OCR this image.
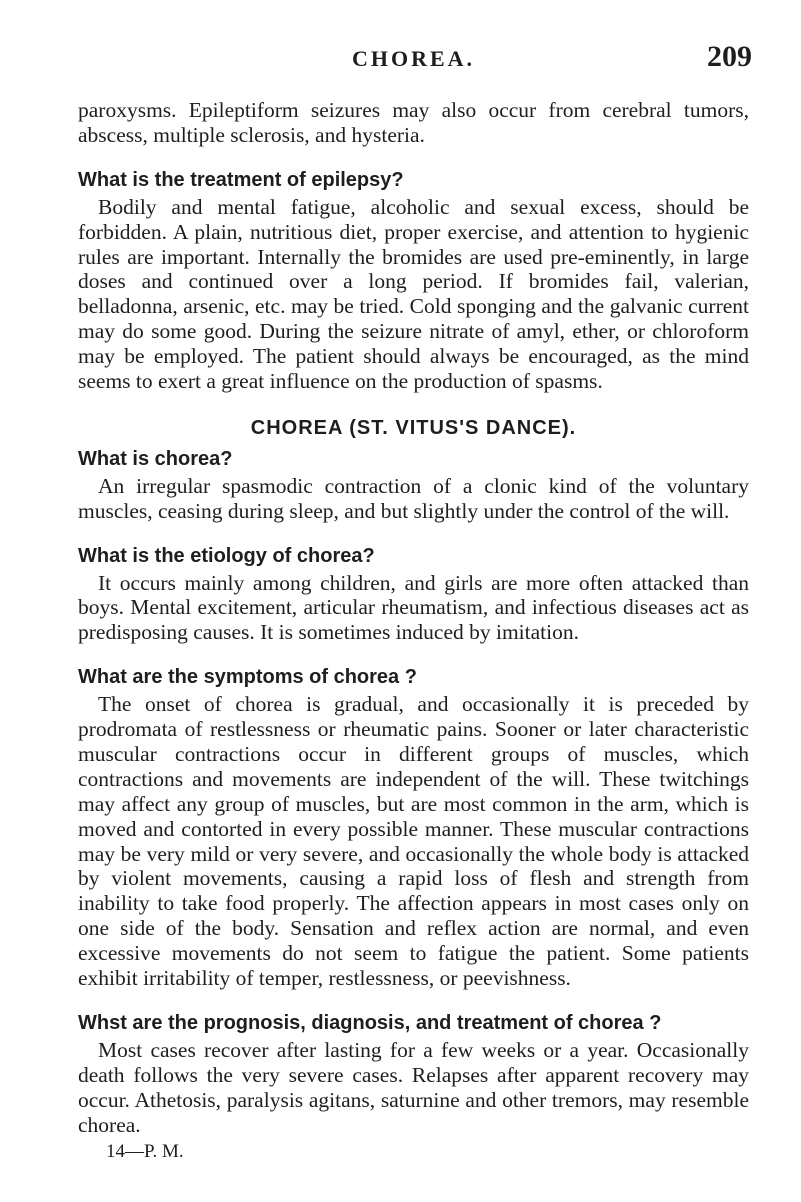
CHOREA.	209

paroxysms. Epileptiform seizures may also occur from cerebral tumors, abscess, multiple sclerosis, and hysteria.

What is the treatment of epilepsy?

Bodily and mental fatigue, alcoholic and sexual excess, should be forbidden. A plain, nutritious diet, proper exercise, and attention to hygienic rules are important. Internally the bromides are used pre-eminently, in large doses and continued over a long period. If bromides fail, valerian, belladonna, arsenic, etc. may be tried. Cold sponging and the galvanic current may do some good. During the seizure nitrate of amyl, ether, or chloroform may be employed. The patient should always be encouraged, as the mind seems to exert a great influence on the production of spasms.

CHOREA (ST. VITUS'S DANCE).
What is chorea?

An irregular spasmodic contraction of a clonic kind of the voluntary muscles, ceasing during sleep, and but slightly under the control of the will.

What is the etiology of chorea?

It occurs mainly among children, and girls are more often attacked than boys. Mental excitement, articular rheumatism, and infectious diseases act as predisposing causes. It is sometimes induced by imitation.

What are the symptoms of chorea ?

The onset of chorea is gradual, and occasionally it is preceded by prodromata of restlessness or rheumatic pains. Sooner or later characteristic muscular contractions occur in different groups of muscles, which contractions and movements are independent of the will. These twitchings may affect any group of muscles, but are most common in the arm, which is moved and contorted in every possible manner. These muscular contractions may be very mild or very severe, and occasionally the whole body is attacked by violent movements, causing a rapid loss of flesh and strength from inability to take food properly. The affection appears in most cases only on one side of the body. Sensation and reflex action are normal, and even excessive movements do not seem to fatigue the patient. Some patients exhibit irritability of temper, restlessness, or peevishness.

Whst are the prognosis, diagnosis, and treatment of chorea ?

Most cases recover after lasting for a few weeks or a year. Occasionally death follows the very severe cases. Relapses after apparent recovery may occur. Athetosis, paralysis agitans, saturnine and other tremors, may resemble chorea.

14—P. M.
